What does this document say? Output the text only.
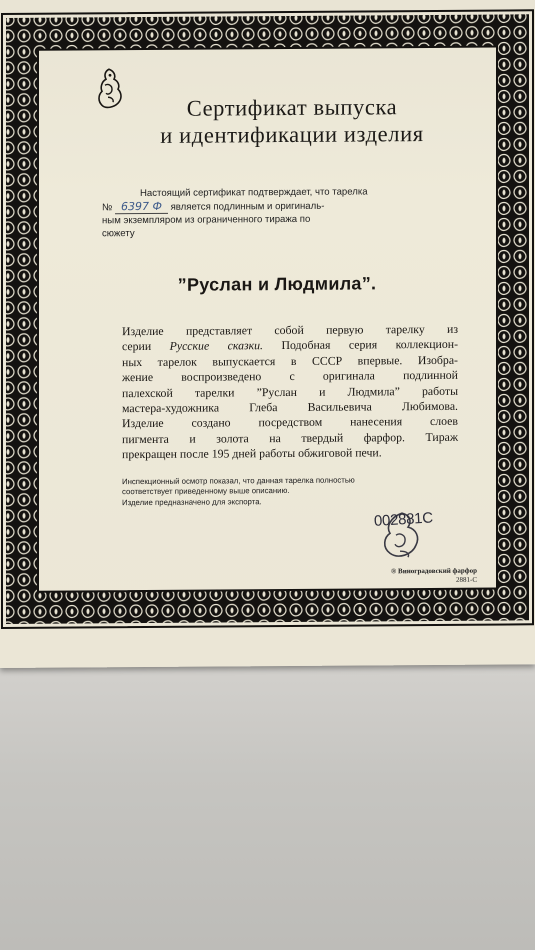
Сертификат выпуска
и идентификации изделия
Настоящий сертификат подтверждает, что тарелка
№ 6397 Ф является подлинным и оригиналь-
ным экземпляром из ограниченного тиража по
сюжету
”Руслан и Людмила”.
Изделие представляет собой первую тарелку из
серии Русские сказки. Подобная серия коллекцион-
ных тарелок выпускается в СССР впервые. Изобра-
жение воспроизведено с оригинала подлинной
палехской тарелки ”Руслан и Людмила” работы
мастера-художника Глеба Васильевича Любимова.
Изделие создано посредством нанесения слоев
пигмента и золота на твердый фарфор. Тираж
прекращен после 195 дней работы обжиговой печи.
Инспекционный осмотр показал, что данная тарелка полностью
соответствует приведенному выше описанию.
Изделие предназначено для экспорта.
002881C
® Виноградовский фарфор
2881-C
